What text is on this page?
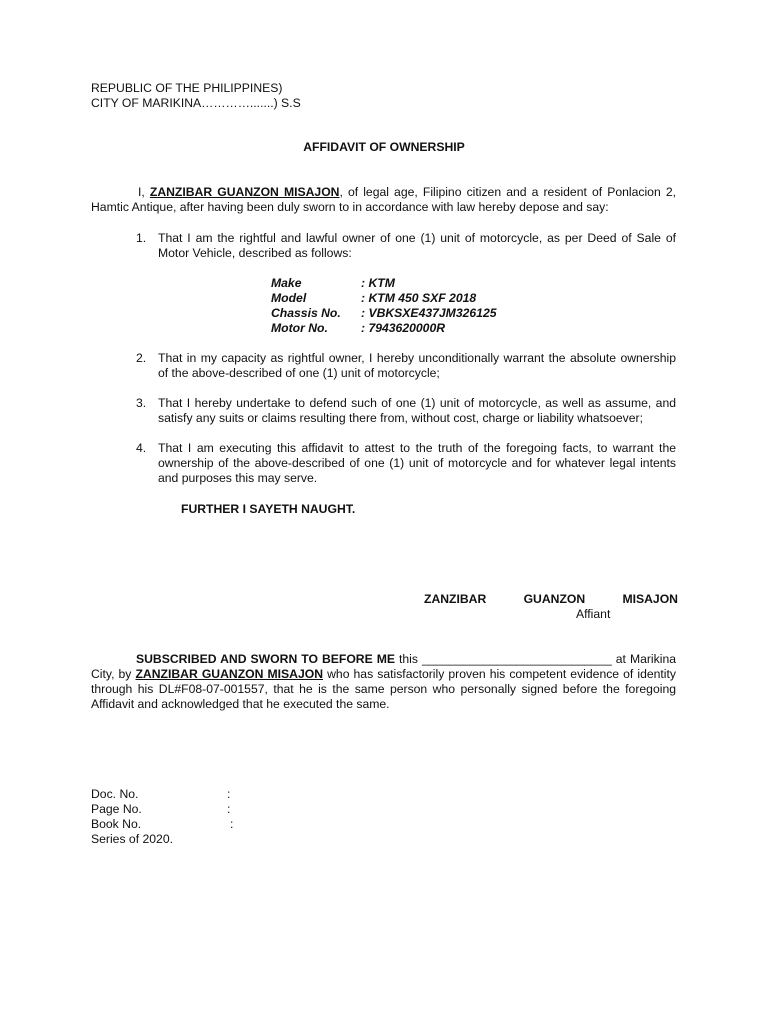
REPUBLIC OF THE PHILIPPINES)
CITY OF MARIKINA………….......) S.S
AFFIDAVIT OF OWNERSHIP
I, ZANZIBAR GUANZON MISAJON, of legal age, Filipino citizen and a resident of Ponlacion 2, Hamtic Antique, after having been duly sworn to in accordance with law hereby depose and say:
1. That I am the rightful and lawful owner of one (1) unit of motorcycle, as per Deed of Sale of Motor Vehicle, described as follows:
Make	: KTM
Model	: KTM 450 SXF 2018
Chassis No.	: VBKSXE437JM326125
Motor No.	: 7943620000R
2. That in my capacity as rightful owner, I hereby unconditionally warrant the absolute ownership of the above-described of one (1) unit of motorcycle;
3. That I hereby undertake to defend such of one (1) unit of motorcycle, as well as assume, and satisfy any suits or claims resulting there from, without cost, charge or liability whatsoever;
4. That I am executing this affidavit to attest to the truth of the foregoing facts, to warrant the ownership of the above-described of one (1) unit of motorcycle and for whatever legal intents and purposes this may serve.
FURTHER I SAYETH NAUGHT.
ZANZIBAR	GUANZON	MISAJON
Affiant
SUBSCRIBED AND SWORN TO BEFORE ME this ____________________________ at Marikina City, by ZANZIBAR GUANZON MISAJON who has satisfactorily proven his competent evidence of identity through his DL#F08-07-001557, that he is the same person who personally signed before the foregoing Affidavit and acknowledged that he executed the same.
Doc. No.	:
Page No.	:
Book No.	:
Series of 2020.
